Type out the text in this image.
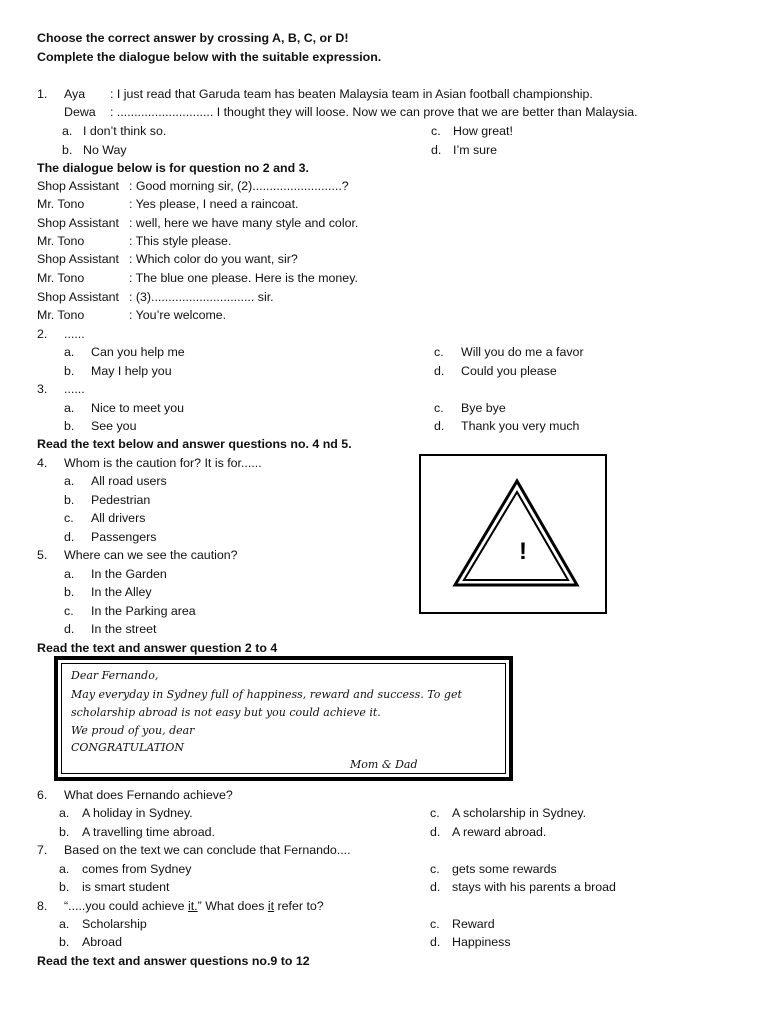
Choose the correct answer by crossing A, B, C, or D!
Complete the dialogue below with the suitable expression.
1. Aya : I just read that Garuda team has beaten Malaysia team in Asian football championship.
Dewa : ............................ I thought they will loose. Now we can prove that we are better than Malaysia.
a. I don’t think so.
b. No Way
c. How great!
d. I’m sure
The dialogue below is for question no 2 and 3.
Shop Assistant : Good morning sir, (2)..........................?
Mr. Tono	: Yes please, I need a raincoat.
Shop Assistant : well, here we have many style and color.
Mr. Tono	: This style please.
Shop Assistant : Which color do you want, sir?
Mr. Tono	: The blue one please. Here is the money.
Shop Assistant : (3).............................. sir.
Mr. Tono	: You’re welcome.
2. ......
a. Can you help me
b. May I help you
c. Will you do me a favor
d. Could you please
3. ......
a. Nice to meet you
b. See you
c. Bye bye
d. Thank you very much
Read the text below and answer questions no. 4 nd 5.
4. Whom is the caution for? It is for......
a. All road users
b. Pedestrian
c. All drivers
d. Passengers
5. Where can we see the caution?
a. In the Garden
b. In the Alley
c. In the Parking area
d. In the street
!
Read the text and answer question 2 to 4
Dear Fernando,
May everyday in Sydney full of happiness, reward and success. To get
scholarship abroad is not easy but you could achieve it.
We proud of you, dear
CONGRATULATION
Mom & Dad
6. What does Fernando achieve?
a. A holiday in Sydney.
b. A travelling time abroad.
c. A scholarship in Sydney.
d. A reward abroad.
7. Based on the text we can conclude that Fernando....
a. comes from Sydney
b. is smart student
c. gets some rewards
d. stays with his parents a broad
8. “.....you could achieve it.” What does it refer to?
a. Scholarship
b. Abroad
c. Reward
d. Happiness
Read the text and answer questions no.9 to 12
